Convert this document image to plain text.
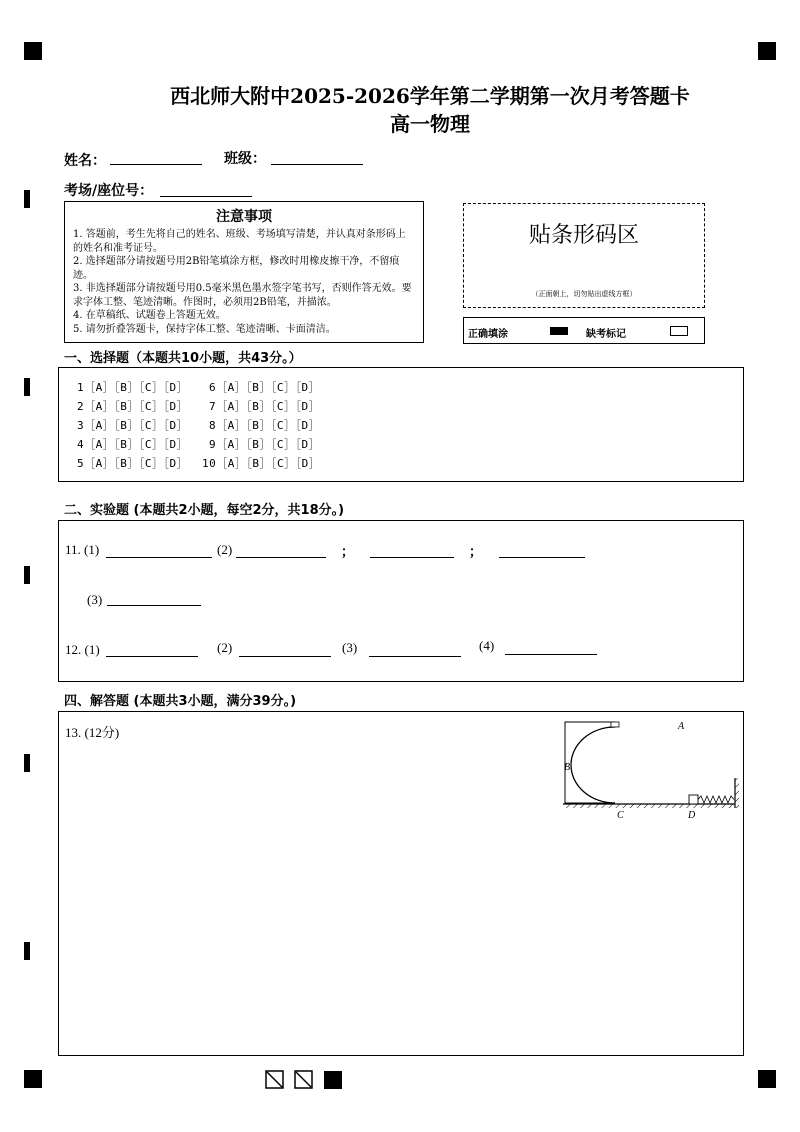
西北师大附中2025-2026学年第二学期第一次月考答题卡
高一物理
姓名：	班级：
考场/座位号：
注意事项

1. 答题前，考生先将自己的姓名、班级、考场填写清楚，并认真对条形码上的姓名和准考证号。

2. 选择题部分请按题号用2B铅笔填涂方框，修改时用橡皮擦干净，不留痕迹。

3. 非选择题部分请按题号用0.5毫米黑色墨水签字笔书写，否则作答无效。要求字体工整、笔迹清晰。作图时，必须用2B铅笔，并描浓。

4. 在草稿纸、试题卷上答题无效。

5. 请勿折叠答题卡，保持字体工整、笔迹清晰、卡面清洁。

贴条形码区
（正面朝上，切勿贴出虚线方框）
正确填涂	缺考标记
一、选择题（本题共10小题，共43分。）
1［A］［B］［C］［D］
2［A］［B］［C］［D］
3［A］［B］［C］［D］
4［A］［B］［C］［D］
5［A］［B］［C］［D］
6［A］［B］［C］［D］
7［A］［B］［C］［D］
8［A］［B］［C］［D］
9［A］［B］［C］［D］
10［A］［B］［C］［D］
二、实验题 (本题共2小题，每空2分，共18分。)
11. (1)	(2)	；	；
(3)
12. (1)	(2)	(3)	(4)
四、解答题 (本题共3小题，满分39分。)
13. (12分)	A
B
C	D
